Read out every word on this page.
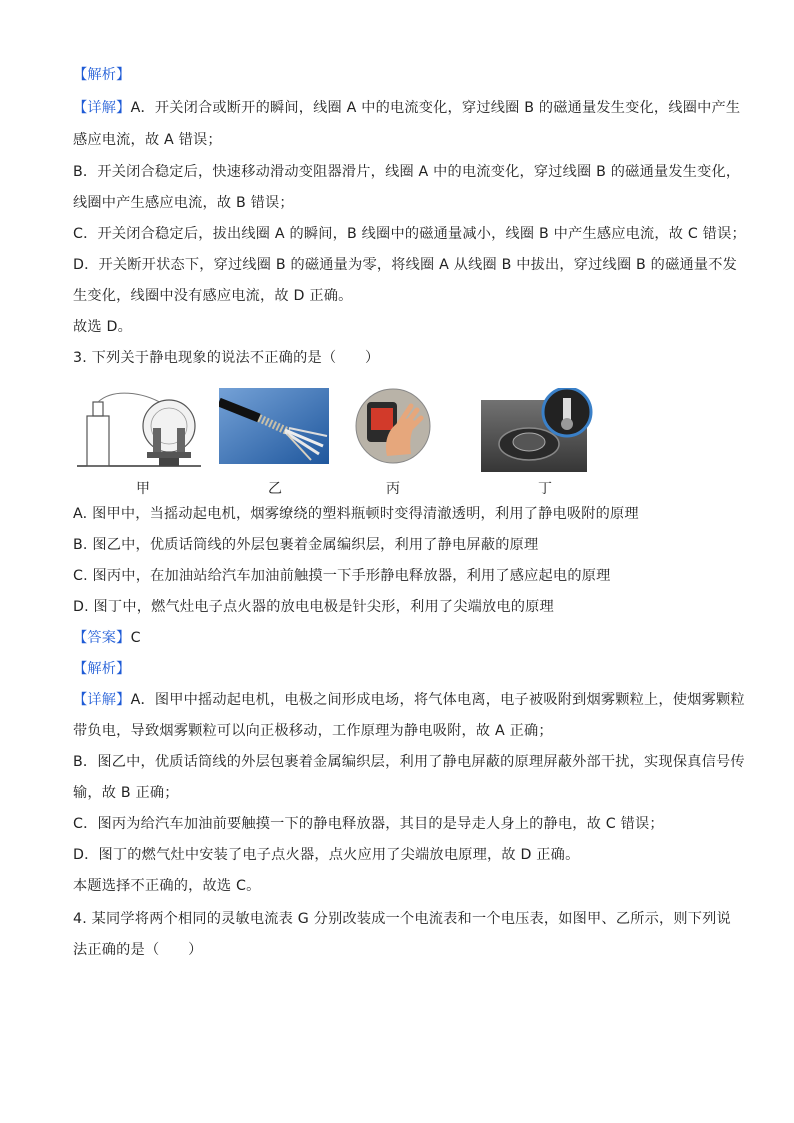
【解析】
【详解】A．开关闭合或断开的瞬间，线圈 A 中的电流变化，穿过线圈 B 的磁通量发生变化，线圈中产生
感应电流，故 A 错误；
B．开关闭合稳定后，快速移动滑动变阻器滑片，线圈 A 中的电流变化，穿过线圈 B 的磁通量发生变化，
线圈中产生感应电流，故 B 错误；
C．开关闭合稳定后，拔出线圈 A 的瞬间，B 线圈中的磁通量减小，线圈 B 中产生感应电流，故 C 错误；
D．开关断开状态下，穿过线圈 B 的磁通量为零，将线圈 A 从线圈 B 中拔出，穿过线圈 B 的磁通量不发
生变化，线圈中没有感应电流，故 D 正确。
故选 D。
3. 下列关于静电现象的说法不正确的是（　　）
甲	乙	丙	丁
A. 图甲中，当摇动起电机，烟雾缭绕的塑料瓶顿时变得清澈透明，利用了静电吸附的原理
B. 图乙中，优质话筒线的外层包裹着金属编织层，利用了静电屏蔽的原理
C. 图丙中，在加油站给汽车加油前触摸一下手形静电释放器，利用了感应起电的原理
D. 图丁中，燃气灶电子点火器的放电电极是针尖形，利用了尖端放电的原理
【答案】C
【解析】
【详解】A．图甲中摇动起电机，电极之间形成电场，将气体电离，电子被吸附到烟雾颗粒上，使烟雾颗粒
带负电，导致烟雾颗粒可以向正极移动，工作原理为静电吸附，故 A 正确；
B．图乙中，优质话筒线的外层包裹着金属编织层，利用了静电屏蔽的原理屏蔽外部干扰，实现保真信号传
输，故 B 正确；
C．图丙为给汽车加油前要触摸一下的静电释放器，其目的是导走人身上的静电，故 C 错误；
D．图丁的燃气灶中安装了电子点火器，点火应用了尖端放电原理，故 D 正确。
本题选择不正确的，故选 C。
4. 某同学将两个相同的灵敏电流表 G 分别改装成一个电流表和一个电压表，如图甲、乙所示，则下列说
法正确的是（　　）
